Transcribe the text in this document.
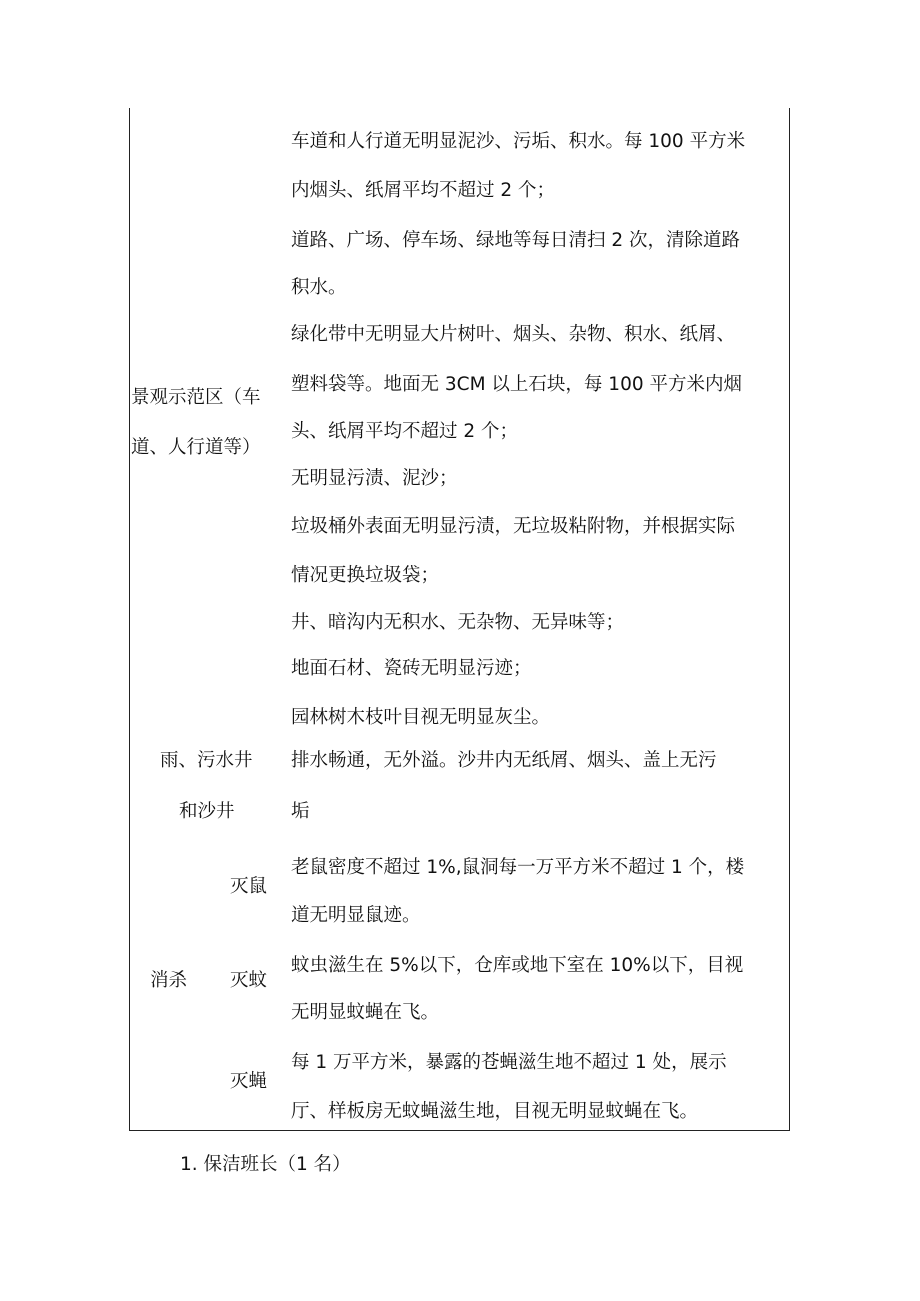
景观示范区（车
道、人行道等）
车道和人行道无明显泥沙、污垢、积水。每 100 平方米
内烟头、纸屑平均不超过 2 个；
道路、广场、停车场、绿地等每日清扫 2 次，清除道路
积水。
绿化带中无明显大片树叶、烟头、杂物、积水、纸屑、
塑料袋等。地面无 3CM 以上石块，每 100 平方米内烟
头、纸屑平均不超过 2 个；
无明显污渍、泥沙；
垃圾桶外表面无明显污渍，无垃圾粘附物，并根据实际
情况更换垃圾袋；
井、暗沟内无积水、无杂物、无异味等；
地面石材、瓷砖无明显污迹；
园林树木枝叶目视无明显灰尘。
雨、污水井
和沙井
排水畅通，无外溢。沙井内无纸屑、烟头、盖上无污
垢
消杀
灭鼠
老鼠密度不超过 1%,鼠洞每一万平方米不超过 1 个，楼
道无明显鼠迹。
灭蚊
蚊虫滋生在 5%以下，仓库或地下室在 10%以下，目视
无明显蚊蝇在飞。
灭蝇
每 1 万平方米，暴露的苍蝇滋生地不超过 1 处，展示
厅、样板房无蚊蝇滋生地，目视无明显蚊蝇在飞。
1. 保洁班长（1 名）
